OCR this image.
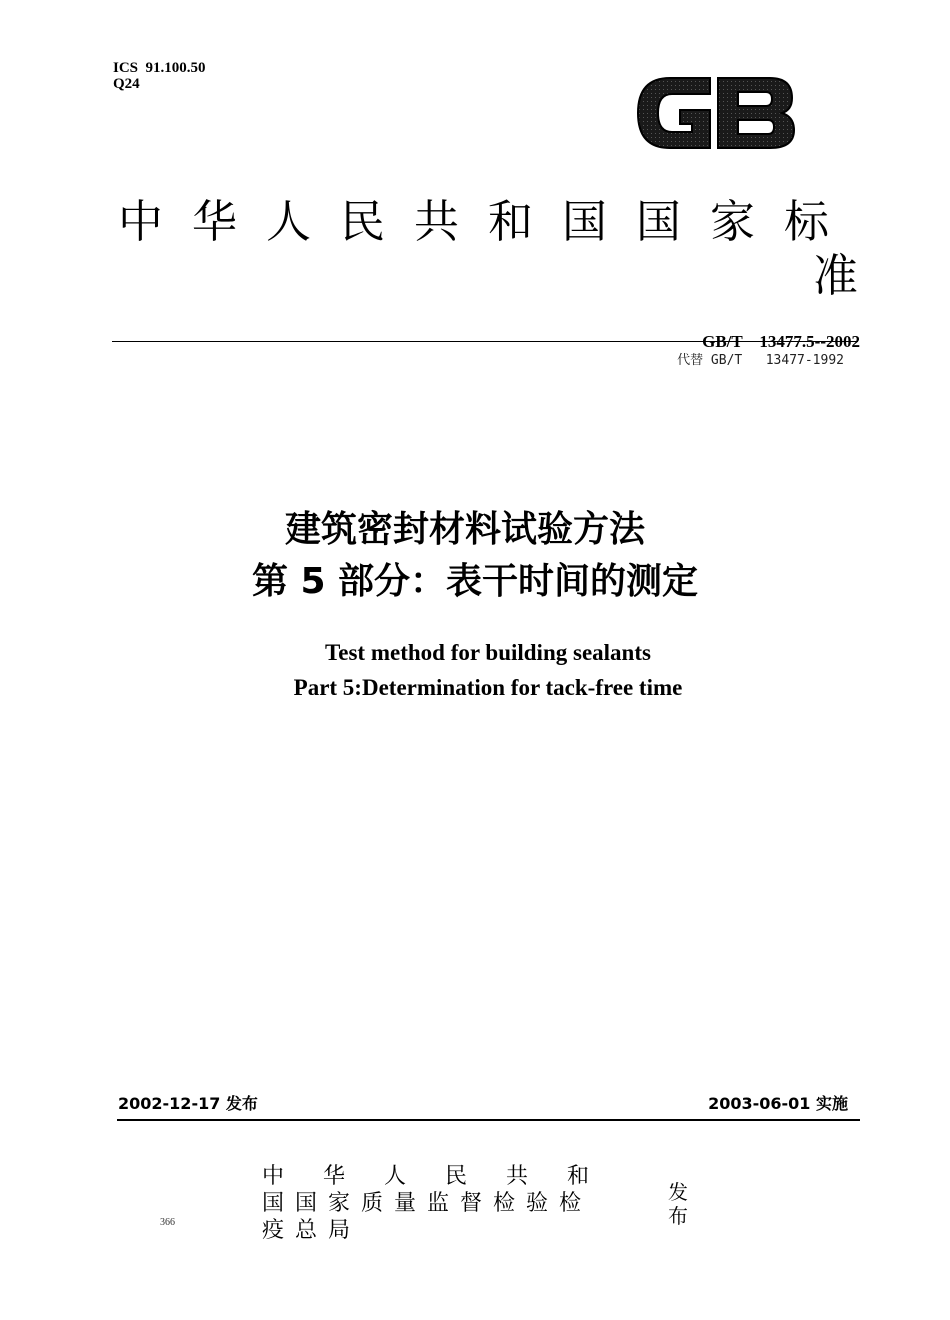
ICS 91.100.50
Q24
中华人民共和国国家标
准
GB/T    13477.5--2002
代替 GB/T   13477-1992
建筑密封材料试验方法
第 5 部分：表干时间的测定
Test method for building sealants
Part 5:Determination for tack-free time
2002-12-17 发布	2003-06-01 实施
中华人民共和
国国家质量监督检验检
疫总局
发
布
366
